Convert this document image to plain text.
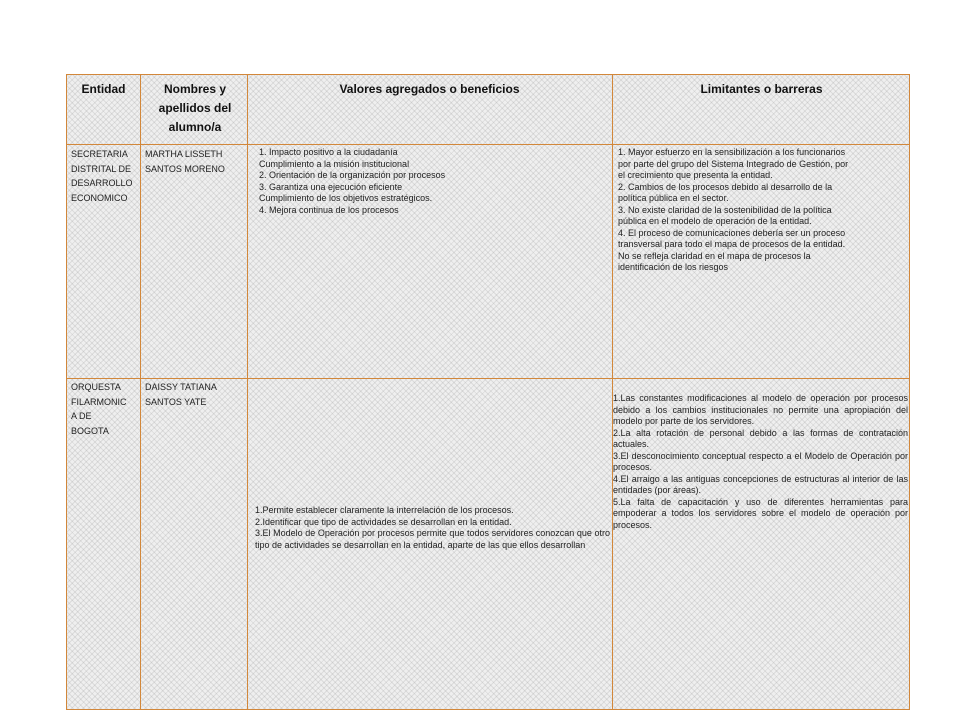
Entidad	Nombres y apellidos del alumno/a
Valores agregados o beneficios	Limitantes o barreras
SECRETARIA
DISTRITAL DE
DESARROLLO
ECONOMICO
MARTHA LISSETH
SANTOS MORENO
1. Impacto positivo a la ciudadanía
Cumplimiento a la misión institucional
2. Orientación de la organización por procesos
3. Garantiza una ejecución eficiente
Cumplimiento de los objetivos estratégicos.
4. Mejora continua de los procesos
1. Mayor esfuerzo en la sensibilización a los funcionarios
por parte del grupo del Sistema Integrado de Gestión, por
el crecimiento que presenta la entidad.
2. Cambios de los procesos debido al desarrollo de la
política pública en el sector.
3. No existe claridad de la sostenibilidad de la política
pública en el modelo de operación de la entidad.
4. El proceso de comunicaciones debería ser un proceso
transversal para todo el mapa de procesos de la entidad.
No se refleja claridad en el mapa de procesos la
identificación de los riesgos
ORQUESTA
FILARMONIC
A DE
BOGOTA
DAISSY TATIANA
SANTOS YATE
1.Permite establecer claramente la interrelación de los procesos.
2.Identificar que tipo de actividades se desarrollan en la entidad.
3.El Modelo de Operación por procesos permite que todos servidores conozcan que otro tipo de actividades se desarrollan en la entidad, aparte de las que ellos desarrollan
1.Las constantes modificaciones al modelo de operación por procesos debido a los cambios institucionales no permite una apropiación del modelo por parte de los servidores.
2.La alta rotación de personal debido a las formas de contratación actuales.
3.El desconocimiento conceptual respecto a el Modelo de Operación por procesos.
4.El arraigo a las antiguas concepciones de estructuras al interior de las entidades (por áreas).
5.La falta de capacitación y uso de diferentes herramientas para empoderar a todos los servidores sobre el modelo de operación por procesos.
